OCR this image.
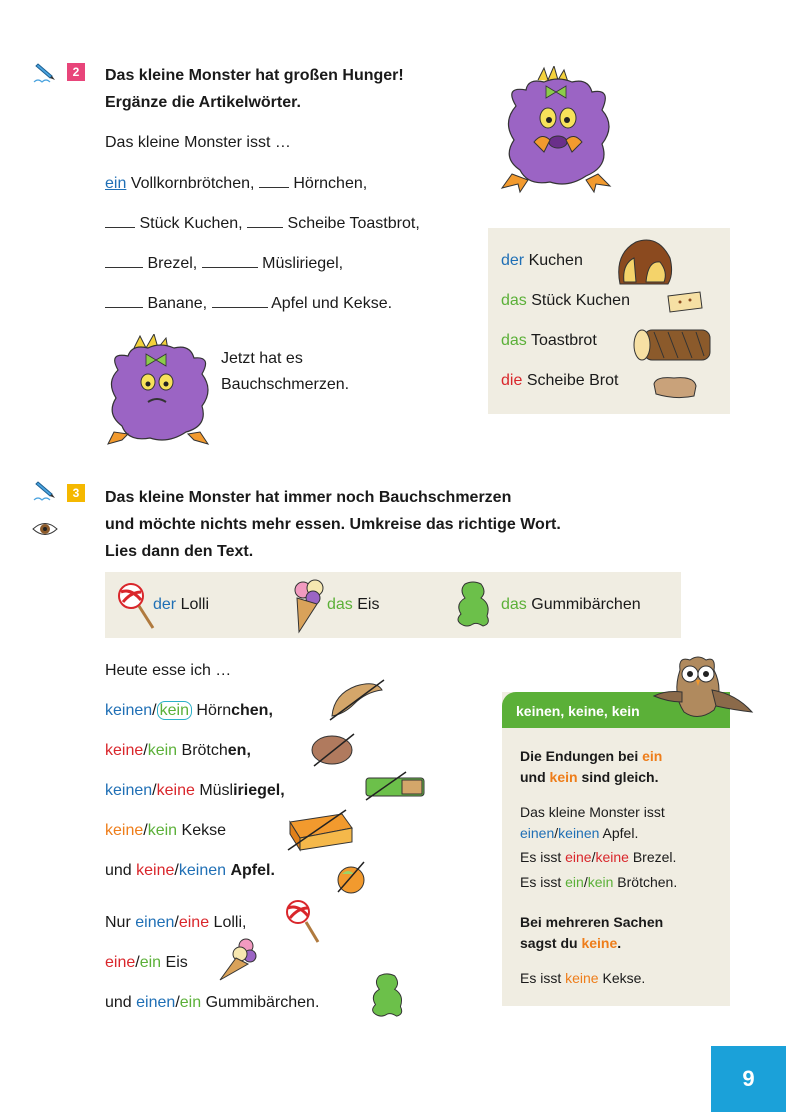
2	Das kleine Monster hat großen Hunger!
Ergänze die Artikelwörter.
Das kleine Monster isst …
ein Vollkornbrötchen, Hörnchen,
Stück Kuchen,	Scheibe Toastbrot,
Brezel,	Müsliriegel,
Banane,	Apfel und Kekse.
Jetzt hat es
Bauchschmerzen.
der Kuchen
das Stück Kuchen
das Toastbrot
die Scheibe Brot
3	Das kleine Monster hat immer noch Bauchschmerzen
und möchte nichts mehr essen. Umkreise das richtige Wort.
Lies dann den Text.
der Lolli	das Eis	das Gummibärchen
Heute esse ich …
keinen/ kein Hörnchen,
keine/kein Brötchen,
keinen/keine Müsliriegel,
keine/kein Kekse
und keine/keinen Apfel.
Nur einen/eine Lolli,
eine/ein Eis
und einen/ein Gummibärchen.
keinen, keine, kein
Die Endungen bei ein
und kein sind gleich.
Das kleine Monster isst
einen/keinen Apfel.
Es isst eine/keine Brezel.
Es isst ein/kein Brötchen.
Bei mehreren Sachen
sagst du keine.
Es isst keine Kekse.
9
